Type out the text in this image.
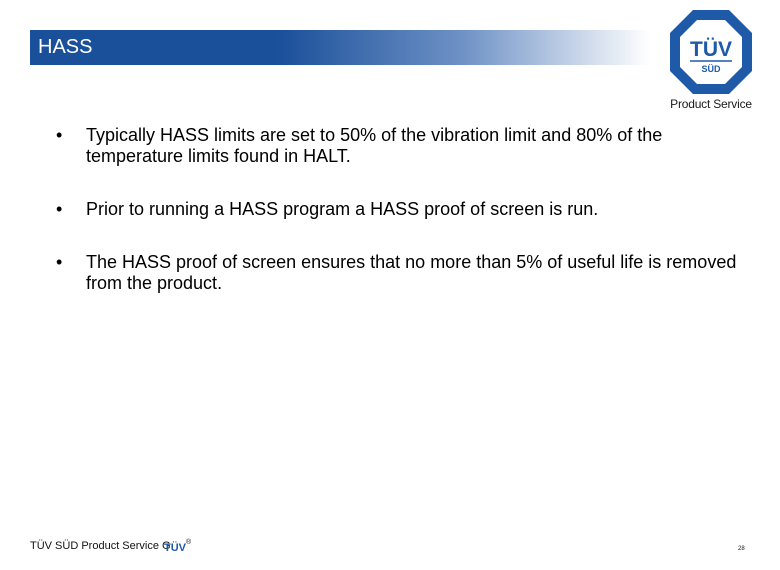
HASS	TÜV
SÜD
Product Service
• Typically HASS limits are set to 50% of the vibration limit and 80% of the temperature limits found in HALT.
• Prior to running a HASS program a HASS proof of screen is run.
• The HASS proof of screen ensures that no more than 5% of useful life is removed from the product.
TÜV SÜD Product Service G
TÜV ®
28
